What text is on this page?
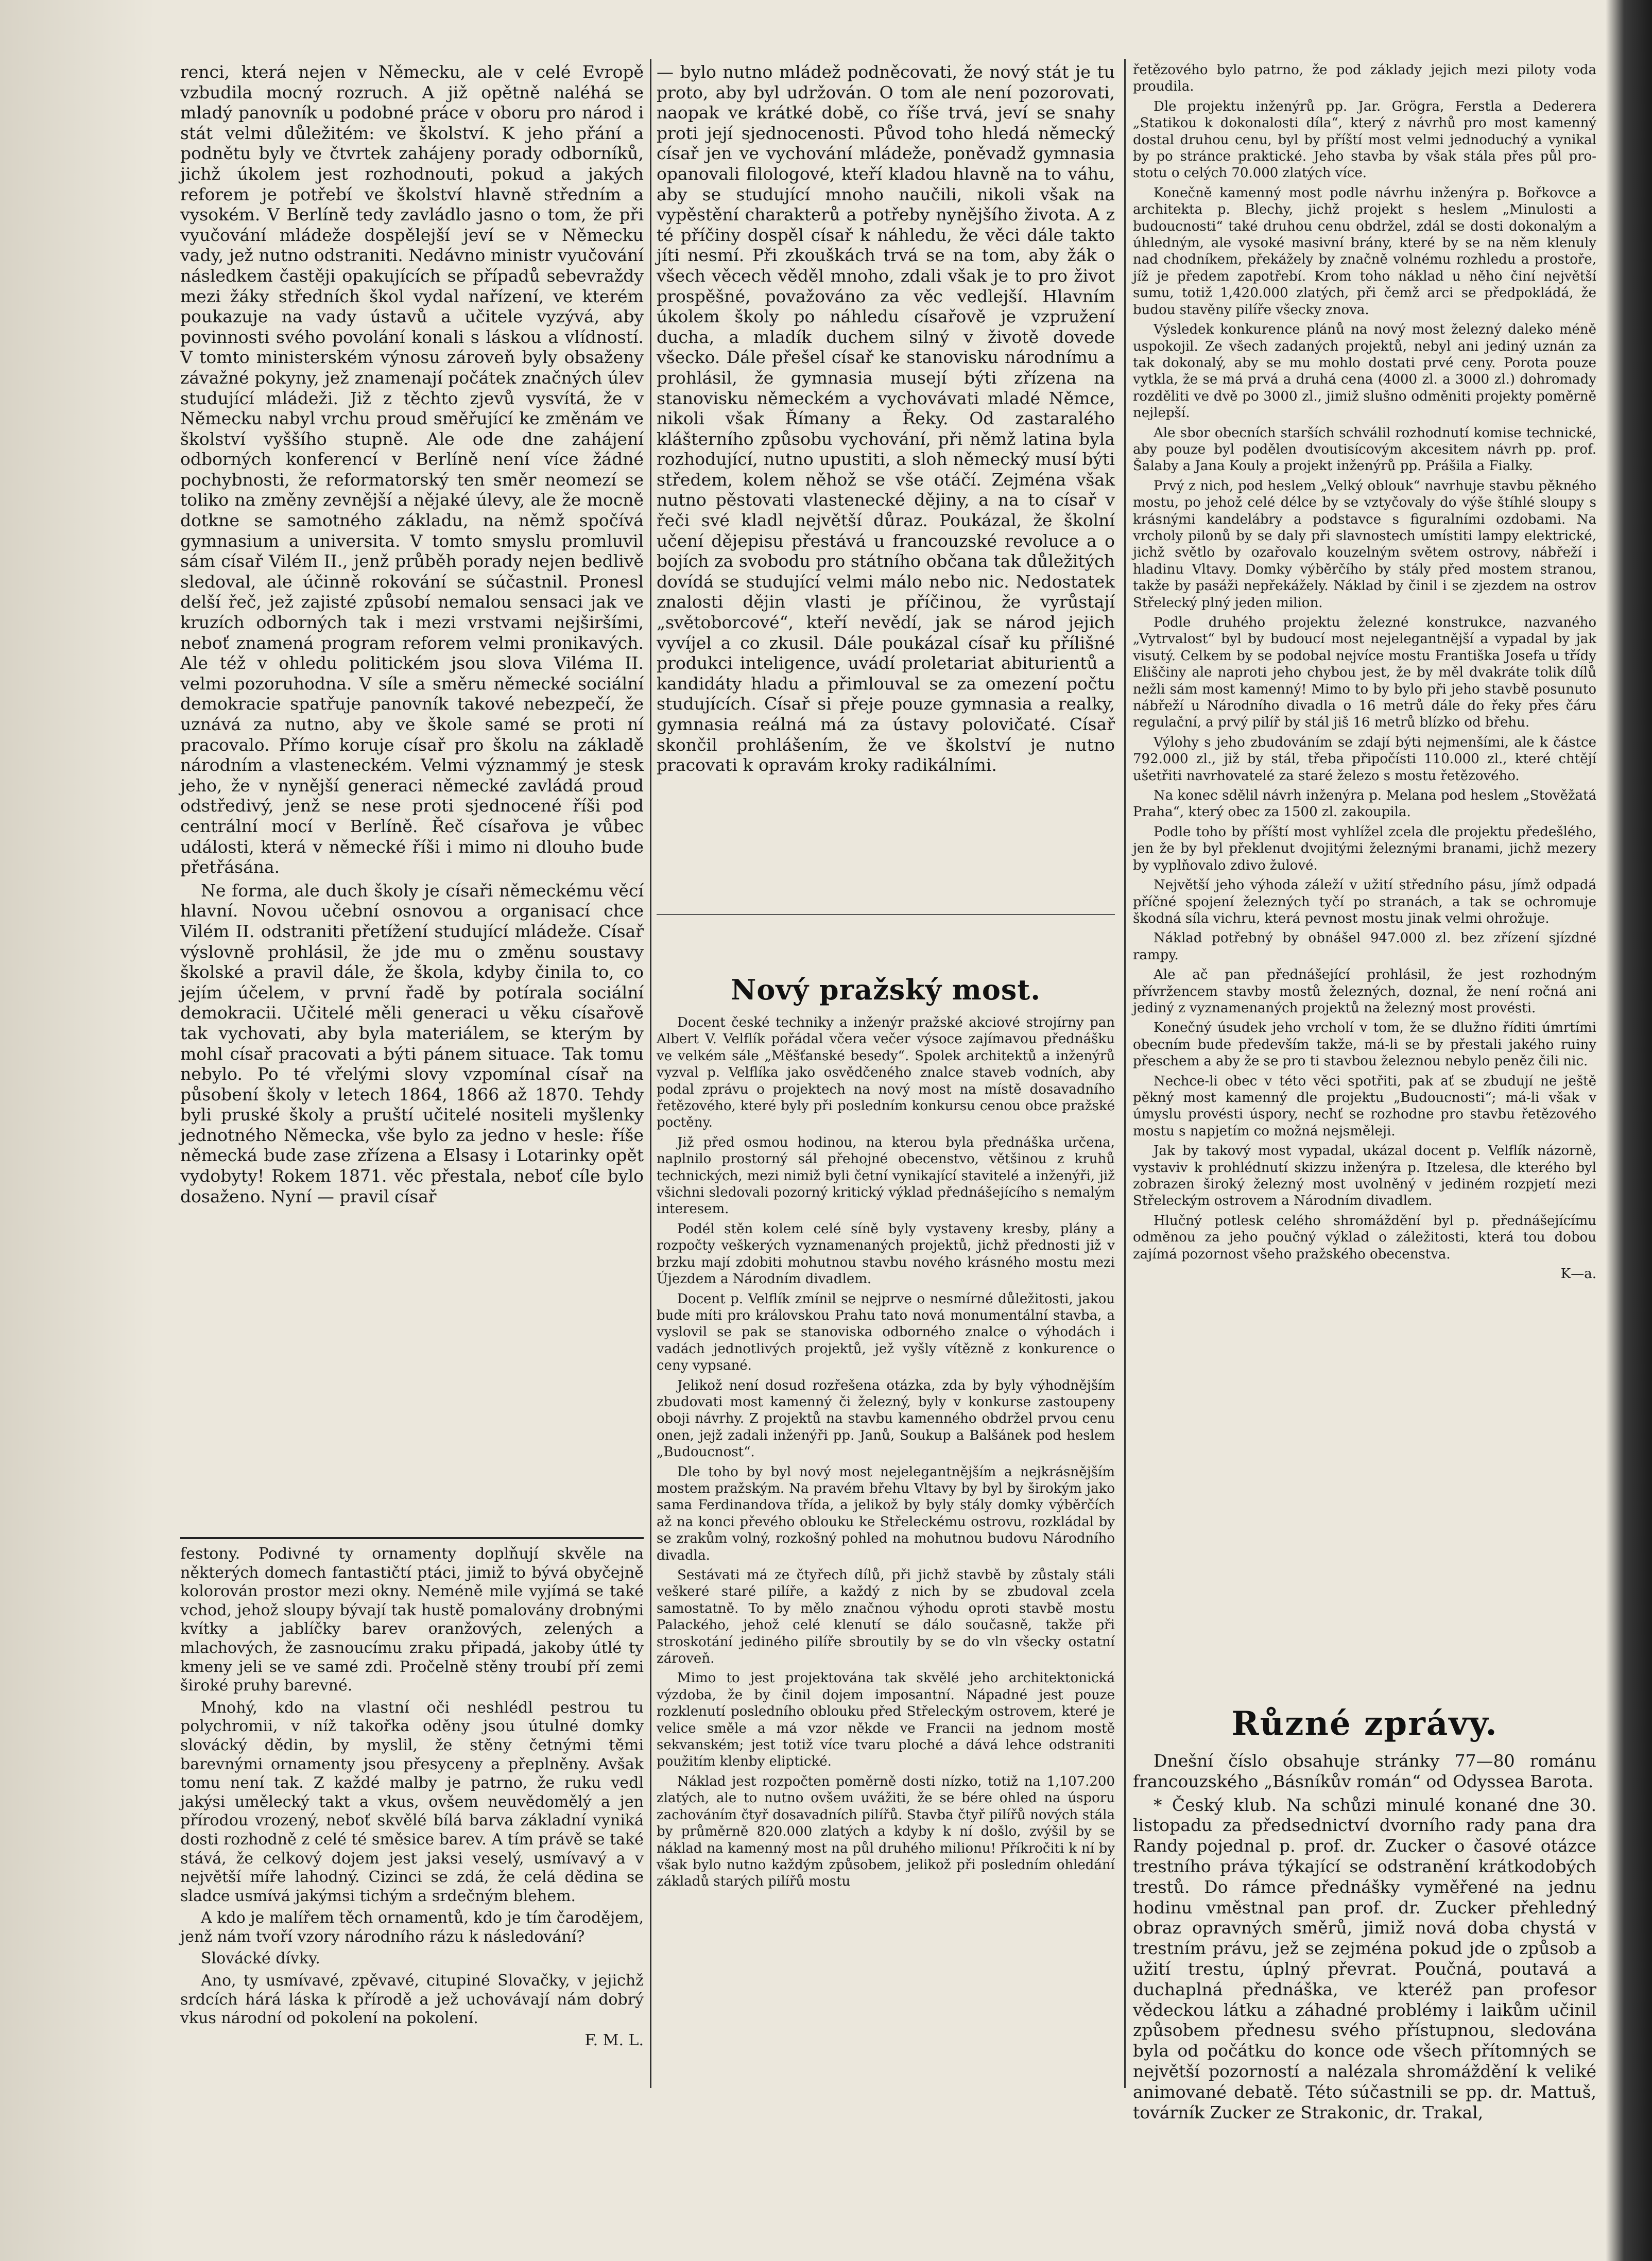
renci, která nejen v Německu, ale v celé Evropě vzbudila mocný rozruch. A již opětně naléhá se mladý panovník u podobné práce v oboru pro národ i stát velmi důležitém: ve školství. K jeho přání a podnětu byly ve čtvrtek zahájeny porady odborníků, jichž úkolem jest rozhodnouti, pokud a jakých reforem je potřebí ve školství hlavně středním a vysokém. V Berlíně tedy zavládlo jasno o tom, že při vyučování mládeže dospělejší jeví se v Německu vady, jež nutno odstraniti. Nedávno ministr vyučování následkem častěji opakujících se případů sebevraždy mezi žáky středních škol vydal nařízení, ve kterém poukazuje na vady ústavů a učitele vyzývá, aby povinnosti svého povolání konali s láskou a vlídností. V tomto ministerském výnosu zároveň byly obsaženy závažné pokyny, jež znamenají počátek značných úlev studující mládeži. Již z těchto zjevů vysvítá, že v Německu nabyl vrchu proud směřující ke změnám ve školství vyššího stupně. Ale ode dne zahájení odborných konferencí v Berlíně není více žádné pochybnosti, že reformatorský ten směr neomezí se toliko na změny zevnější a nějaké úlevy, ale že mocně dotkne se samotného základu, na němž spočívá gymnasium a universita. V tomto smyslu promluvil sám císař Vilém II., jenž průběh porady nejen bedlivě sledoval, ale účinně rokování se súčastnil. Pronesl delší řeč, jež zajisté způsobí nemalou sensaci jak ve kruzích odborných tak i mezi vrstvami nejširšími, neboť znamená program reforem velmi pronikavých. Ale též v ohledu politickém jsou slova Viléma II. velmi pozoruhodna. V síle a směru německé sociální demokracie spatřuje panovník takové nebezpečí, že uznává za nutno, aby ve škole samé se proti ní pracovalo. Přímo koruje císař pro školu na základě národním a vlasteneckém. Velmi význammý je stesk jeho, že v nynější generaci německé zavládá proud odstředivý, jenž se nese proti sjednocené říši pod centrální mocí v Berlíně. Řeč císařova je vůbec události, která v německé říši i mimo ni dlouho bude přetřásána.

Ne forma, ale duch školy je císaři německému věcí hlavní. Novou učební osnovou a organisací chce Vilém II. odstraniti přetížení studující mládeže. Císař výslovně prohlásil, že jde mu o změnu soustavy školské a pravil dále, že škola, kdyby činila to, co jejím účelem, v první řadě by potírala sociální demokracii. Učitelé měli generaci u věku císařově tak vychovati, aby byla materiálem, se kterým by mohl císař pracovati a býti pánem situace. Tak tomu nebylo. Po té vřelými slovy vzpomínal císař na působení školy v letech 1864, 1866 až 1870. Tehdy byli pruské školy a pruští učitelé nositeli myšlenky jednotného Německa, vše bylo za jedno v hesle: říše německá bude zase zřízena a Elsasy i Lotarinky opět vydobyty! Rokem 1871. věc přestala, neboť cíle bylo dosaženo. Nyní — pravil císař

festony. Podivné ty ornamenty doplňují skvěle na některých domech fantastičtí ptáci, jimiž to bývá obyčejně kolorován prostor mezi okny. Neméně mile vyjímá se také vchod, jehož sloupy bývají tak hustě pomalovány drobnými kvítky a jablíčky barev oranžových, zelených a mlachových, že zasnoucímu zraku připadá, jakoby útlé ty kmeny jeli se ve samé zdi. Pročelně stěny troubí pří zemi široké pruhy barevné.

Mnohý, kdo na vlastní oči neshlédl pestrou tu polychromii, v níž takořka oděny jsou útulné domky slovácký dědin, by myslil, že stěny četnými těmi barevnými ornamenty jsou přesyceny a přeplněny. Avšak tomu není tak. Z každé malby je patrno, že ruku vedl jakýsi umělecký takt a vkus, ovšem neuvědomělý a jen přírodou vrozený, neboť skvělé bílá barva základní vyniká dosti rozhodně z celé té směsice barev. A tím právě se také stává, že celkový dojem jest jaksi veselý, usmívavý a v největší míře lahodný. Cizinci se zdá, že celá dědina se sladce usmívá jakýmsi tichým a srdečným blehem.

A kdo je malířem těch ornamentů, kdo je tím čarodějem, jenž nám tvoří vzory národního rázu k následování?

Slovácké dívky.

Ano, ty usmívavé, zpěvavé, citupiné Slovačky, v jejichž srdcích hárá láska k přírodě a jež uchovávají nám dobrý vkus národní od pokolení na pokolení.

F. M. L.

— bylo nutno mládež podněcovati, že nový stát je tu proto, aby byl udržován. O tom ale není pozorovati, naopak ve krátké době, co říše trvá, jeví se snahy proti její sjednocenosti. Původ toho hledá německý císař jen ve vychování mládeže, poněvadž gymnasia opanovali filologové, kteří kladou hlavně na to váhu, aby se studující mnoho naučili, nikoli však na vypěstění charakterů a potřeby nynějšího života. A z té příčiny dospěl císař k náhledu, že věci dále takto jíti nesmí. Při zkouškách trvá se na tom, aby žák o všech věcech věděl mnoho, zdali však je to pro život prospěšné, považováno za věc vedlejší. Hlavním úkolem školy po náhledu císařově je vzpružení ducha, a mladík duchem silný v životě dovede všecko. Dále přešel císař ke stanovisku národnímu a prohlásil, že gymnasia musejí býti zřízena na stanovisku německém a vychovávati mladé Němce, nikoli však Římany a Řeky. Od zastaralého klášterního způsobu vychování, při němž latina byla rozhodující, nutno upustiti, a sloh německý musí býti středem, kolem něhož se vše otáčí. Zejména však nutno pěstovati vlastenecké dějiny, a na to císař v řeči své kladl největší důraz. Poukázal, že školní učení dějepisu přestává u francouzské revoluce a o bojích za svobodu pro státního občana tak důležitých dovídá se studující velmi málo nebo nic. Nedostatek znalosti dějin vlasti je příčinou, že vyrůstají „světoborcové“, kteří nevědí, jak se národ jejich vyvíjel a co zkusil. Dále poukázal císař ku přílišné produkci inteligence, uvádí proletariat abiturientů a kandidáty hladu a přimlouval se za omezení počtu studujících. Císař si přeje pouze gymnasia a realky, gymnasia reálná má za ústavy polovičaté. Císař skončil prohlášením, že ve školství je nutno pracovati k opravám kroky radikálními.

Nový pražský most.

Docent české techniky a inženýr pražské akciové strojírny pan Albert V. Velflík pořádal včera večer výsoce zajímavou přednášku ve velkém sále „Měšťanské besedy“. Spolek architektů a inženýrů vyzval p. Velflíka jako osvědčeného znalce staveb vodních, aby podal zprávu o projektech na nový most na místě dosavadního řetězového, které byly při posledním konkursu cenou obce pražské poctěny.

Již před osmou hodinou, na kterou byla přednáška určena, naplnilo prostorný sál přehojné obecenstvo, většinou z kruhů technických, mezi nimiž byli četní vynikající stavitelé a inženýři, již všichni sledovali pozorný kritický výklad přednášejícího s nemalým interesem.

Podél stěn kolem celé síně byly vystaveny kresby, plány a rozpočty veškerých vyznamenaných projektů, jichž přednosti již v brzku mají zdobiti mohutnou stavbu nového krásného mostu mezi Újezdem a Národním divadlem.

Docent p. Velflík zmínil se nejprve o nesmírné důležitosti, jakou bude míti pro královskou Prahu tato nová monumentální stavba, a vyslovil se pak se stanoviska odborného znalce o výhodách i vadách jednotlivých projektů, jež vyšly vítězně z konkurence o ceny vypsané.

Jelikož není dosud rozřešena otázka, zda by byly výhodnějším zbudovati most kamenný či železný, byly v konkurse zastoupeny oboji návrhy. Z projektů na stavbu kamenného obdržel prvou cenu onen, jejž zadali inženýři pp. Janů, Soukup a Balšánek pod heslem „Budoucnost“.

Dle toho by byl nový most nejelegantnějším a nejkrásnějším mostem pražským. Na pravém břehu Vltavy by byl by širokým jako sama Ferdinandova třída, a jelikož by byly stály domky výběrčích až na konci převého oblouku ke Střeleckému ostrovu, rozkládal by se zrakům volný, rozkošný pohled na mohutnou budovu Národního divadla.

Sestávati má ze čtyřech dílů, při jichž stavbě by zůstaly stáli veškeré staré pilíře, a každý z nich by se zbudoval zcela samostatně. To by mělo značnou výhodu oproti stavbě mostu Palackého, jehož celé klenutí se dálo současně, takže při stroskotání jediného pilíře sbroutily by se do vln všecky ostatní zároveň.

Mimo to jest projektována tak skvělé jeho architektonická výzdoba, že by činil dojem imposantní. Nápadné jest pouze rozklenutí posledního oblouku před Střeleckým ostrovem, které je velice směle a má vzor někde ve Francii na jednom mostě sekvanském; jest totiž více tvaru ploché a dává lehce odstraniti použitím klenby eliptické.

Náklad jest rozpočten poměrně dosti nízko, totiž na 1,107.200 zlatých, ale to nutno ovšem uvážiti, že se bére ohled na úsporu zachováním čtyř dosavadních pilířů. Stavba čtyř pilířů nových stála by průměrně 820.000 zlatých a kdyby k ní došlo, zvýšil by se náklad na kamenný most na půl druhého milionu! Příkročiti k ní by však bylo nutno každým způsobem, jelikož při posledním ohledání základů starých pilířů mostu

řetězového bylo patrno, že pod základy jejich mezi piloty voda proudila.

Dle projektu inženýrů pp. Jar. Grögra, Ferstla a Dederera „Statikou k dokonalosti díla“, který z návrhů pro most kamenný dostal druhou cenu, byl by příští most velmi jednoduchý a vynikal by po stránce praktické. Jeho stavba by však stála přes půl pro-stotu o celých 70.000 zlatých více.

Konečně kamenný most podle návrhu inženýra p. Bořkovce a architekta p. Blechy, jichž projekt s heslem „Minulosti a budoucnosti“ také druhou cenu obdržel, zdál se dosti dokonalým a úhledným, ale vysoké masivní brány, které by se na něm klenuly nad chodníkem, překážely by značně volnému rozhledu a prostoře, jíž je předem zapotřebí. Krom toho náklad u něho činí největší sumu, totiž 1,420.000 zlatých, při čemž arci se předpokládá, že budou stavěny pilíře všecky znova.

Výsledek konkurence plánů na nový most železný daleko méně uspokojil. Ze všech zadaných projektů, nebyl ani jediný uznán za tak dokonalý, aby se mu mohlo dostati prvé ceny. Porota pouze vytkla, že se má prvá a druhá cena (4000 zl. a 3000 zl.) dohromady rozděliti ve dvě po 3000 zl., jimiž slušno odměniti projekty poměrně nejlepší.

Ale sbor obecních starších schválil rozhodnutí komise technické, aby pouze byl podělen dvoutisícovým akcesitem návrh pp. prof. Šalaby a Jana Kouly a projekt inženýrů pp. Prášila a Fialky.

Prvý z nich, pod heslem „Velký oblouk“ navrhuje stavbu pěkného mostu, po jehož celé délce by se vztyčovaly do výše štíhlé sloupy s krásnými kandelábry a podstavce s figuralními ozdobami. Na vrcholy pilonů by se daly při slavnostech umístiti lampy elektrické, jichž světlo by ozařovalo kouzelným světem ostrovy, nábřeží i hladinu Vltavy. Domky výběrčího by stály před mostem stranou, takže by pasáži nepřekážely. Náklad by činil i se zjezdem na ostrov Střelecký plný jeden milion.

Podle druhého projektu železné konstrukce, nazvaného „Vytrvalost“ byl by budoucí most nejelegantnější a vypadal by jak visutý. Celkem by se podobal nejvíce mostu Františka Josefa u třídy Eliščiny ale naproti jeho chybou jest, že by měl dvakráte tolik dílů nežli sám most kamenný! Mimo to by bylo při jeho stavbě posunuto nábřeží u Národního divadla o 16 metrů dále do řeky přes čáru regulační, a prvý pilíř by stál jiš 16 metrů blízko od břehu.

Výlohy s jeho zbudováním se zdají býti nejmenšími, ale k částce 792.000 zl., již by stál, třeba připočísti 110.000 zl., které chtějí ušetřiti navrhovatelé za staré železo s mostu řetězového.

Na konec sdělil návrh inženýra p. Melana pod heslem „Stověžatá Praha“, který obec za 1500 zl. zakoupila.

Podle toho by příští most vyhlížel zcela dle projektu předešlého, jen že by byl překlenut dvojitými železnými branami, jichž mezery by vyplňovalo zdivo žulové.

Největší jeho výhoda záleží v užití středního pásu, jímž odpadá příčné spojení železných tyčí po stranách, a tak se ochromuje škodná síla vichru, která pevnost mostu jinak velmi ohrožuje.

Náklad potřebný by obnášel 947.000 zl. bez zřízení sjízdné rampy.

Ale ač pan přednášející prohlásil, že jest rozhodným přívržencem stavby mostů železných, doznal, že není ročná ani jediný z vyznamenaných projektů na železný most provésti.

Konečný úsudek jeho vrcholí v tom, že se dlužno říditi úmrtími obecním bude především takže, má-li se by přestali jakého ruiny přeschem a aby že se pro ti stavbou železnou nebylo peněz čili nic.

Nechce-li obec v této věci spotřiti, pak ať se zbudují ne ještě pěkný most kamenný dle projektu „Budoucnosti“; má-li však v úmyslu provésti úspory, nechť se rozhodne pro stavbu řetězového mostu s napjetím co možná nejsměleji.

Jak by takový most vypadal, ukázal docent p. Velflík názorně, vystaviv k prohlédnutí skizzu inženýra p. Itzelesa, dle kterého byl zobrazen široký železný most uvolněný v jediném rozpjetí mezi Střeleckým ostrovem a Národním divadlem.

Hlučný potlesk celého shromáždění byl p. přednášejícímu odměnou za jeho poučný výklad o záležitosti, která tou dobou zajímá pozornost všeho pražského obecenstva.

K—a.

Různé zprávy.

Dnešní číslo obsahuje stránky 77—80 románu francouzského „Básníkův román“ od Odyssea Barota.

* Český klub. Na schůzi minulé konané dne 30. listopadu za předsednictví dvorního rady pana dra Randy pojednal p. prof. dr. Zucker o časové otázce trestního práva týkající se odstranění krátkodobých trestů. Do rámce přednášky vyměřené na jednu hodinu vměstnal pan prof. dr. Zucker přehledný obraz opravných směrů, jimiž nová doba chystá v trestním právu, jež se zejména pokud jde o způsob a užití trestu, úplný převrat. Poučná, poutavá a duchaplná přednáška, ve kteréž pan profesor vědeckou látku a záhadné problémy i laikům učinil způsobem přednesu svého přístupnou, sledována byla od počátku do konce ode všech přítomných se největší pozorností a nalézala shromáždění k veliké animované debatě. Této súčastnili se pp. dr. Mattuš, továrník Zucker ze Strakonic, dr. Trakal,
